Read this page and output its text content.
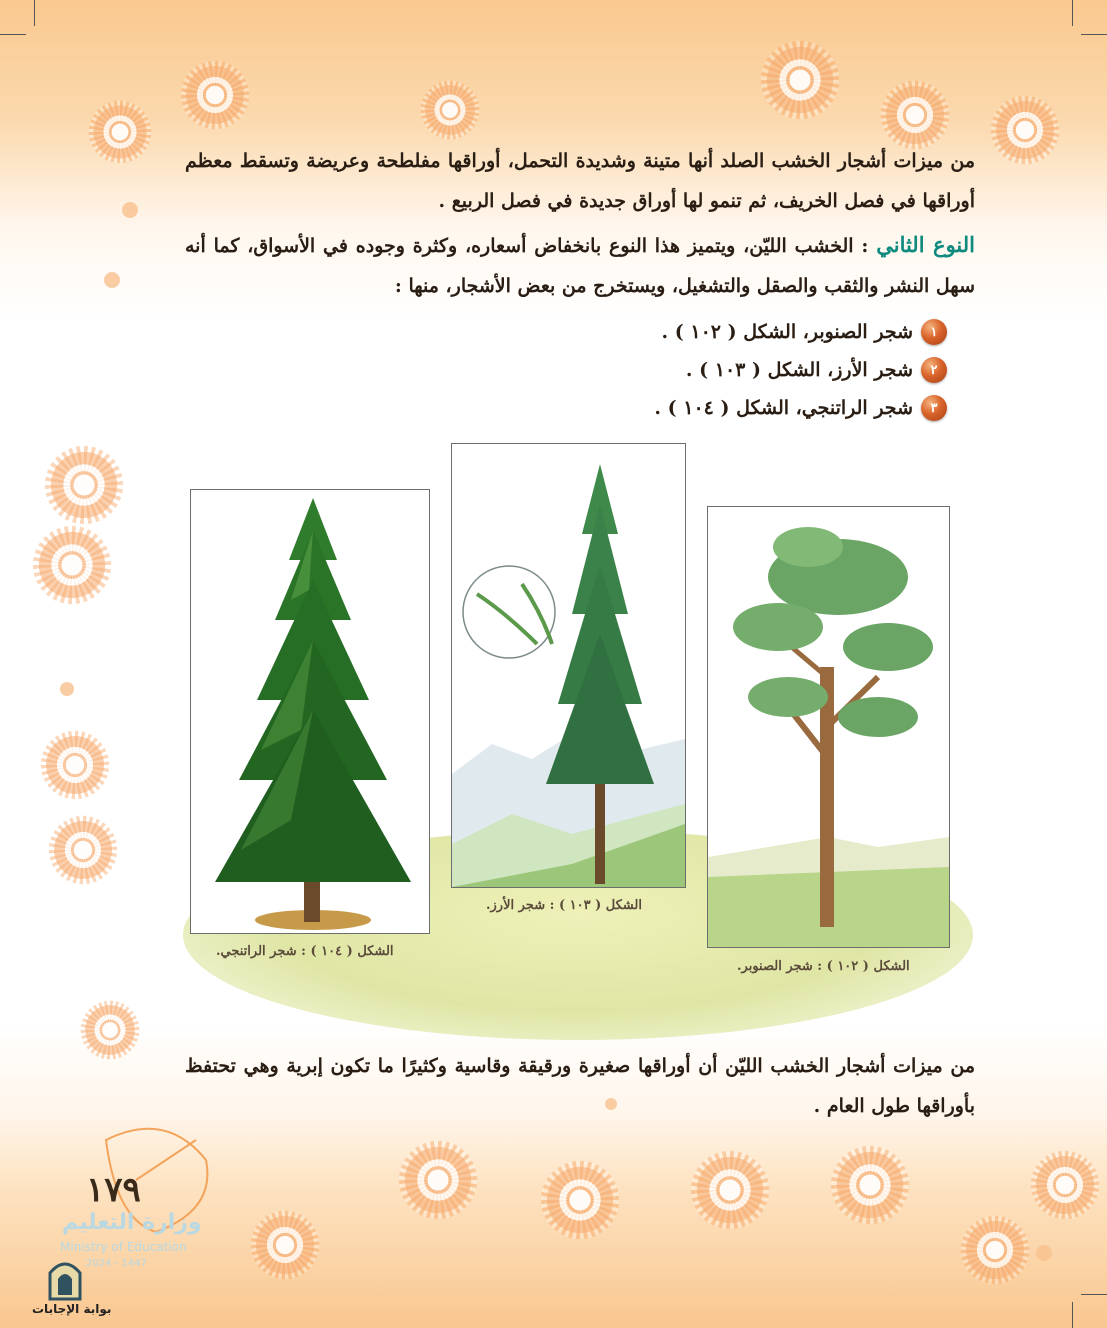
من ميزات أشجار الخشب الصلد أنها متينة وشديدة التحمل، أوراقها مفلطحة وعريضة وتسقط معظم أوراقها في فصل الخريف، ثم تنمو لها أوراق جديدة في فصل الربيع .

النوع الثاني : الخشب الليّن، ويتميز هذا النوع بانخفاض أسعاره، وكثرة وجوده في الأسواق، كما أنه سهل النشر والثقب والصقل والتشغيل، ويستخرج من بعض الأشجار، منها :

١
شجر الصنوبر، الشكل ( ١٠٢ ) .
٢
شجر الأرز، الشكل ( ١٠٣ ) .
٣
شجر الراتنجي، الشكل ( ١٠٤ ) .
الشكل ( ١٠٤ ) : شجر الراتنجي.
الشكل ( ١٠٣ ) : شجر الأرز.
الشكل ( ١٠٢ ) : شجر الصنوبر.

من ميزات أشجار الخشب الليّن أن أوراقها صغيرة ورقيقة وقاسية وكثيرًا ما تكون إبرية وهي تحتفظ بأوراقها طول العام .

١٧٩
وزارة التعليم
Ministry of Education
2024 - 1447
بوابة الإجابات
